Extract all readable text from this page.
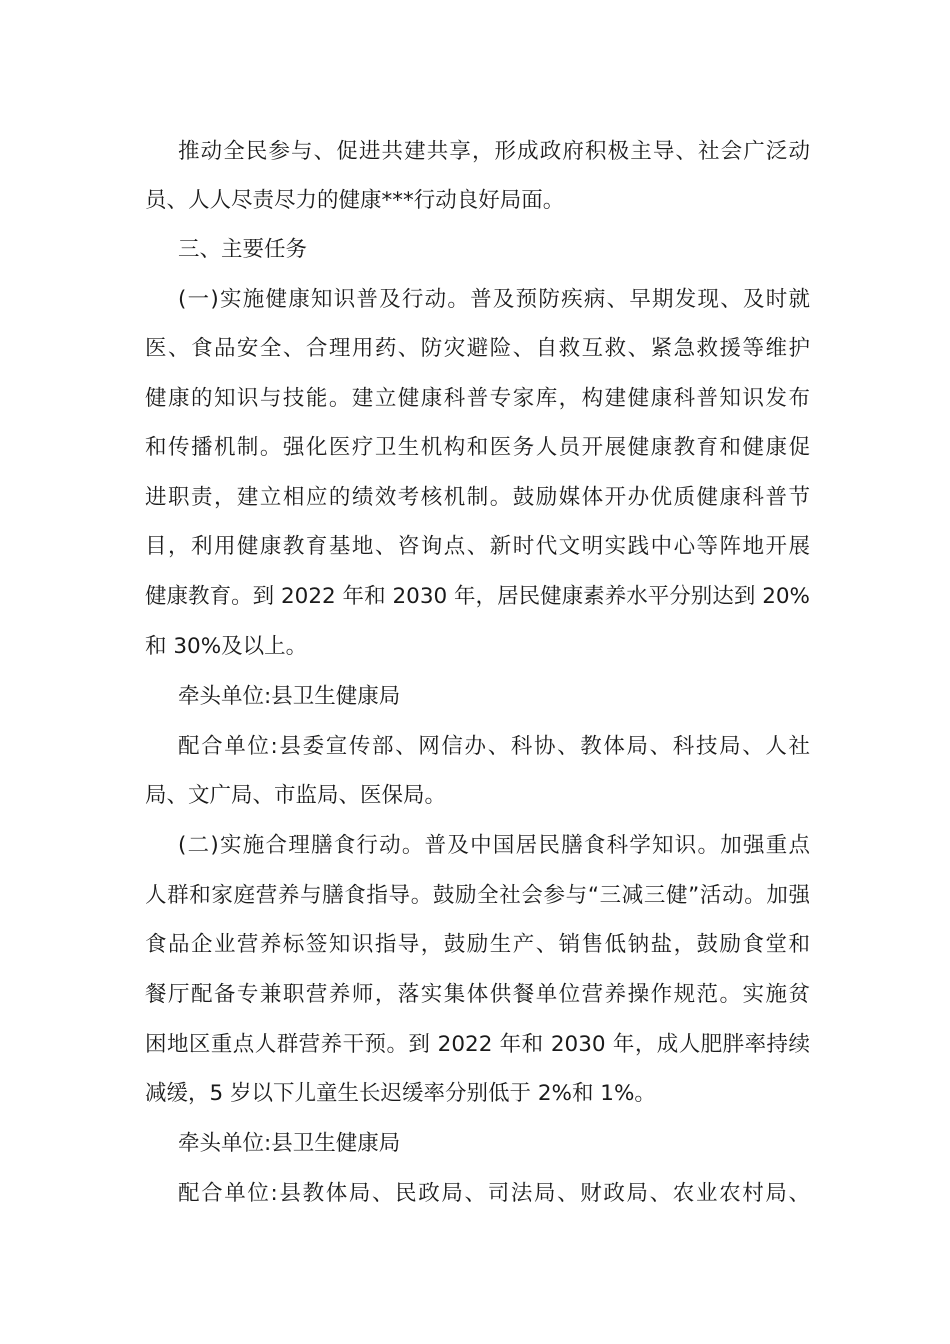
推动全民参与、促进共建共享，形成政府积极主导、社会广泛动
员、人人尽责尽力的健康***行动良好局面。
三、主要任务
(一)实施健康知识普及行动。普及预防疾病、早期发现、及时就
医、食品安全、合理用药、防灾避险、自救互救、紧急救援等维护
健康的知识与技能。建立健康科普专家库，构建健康科普知识发布
和传播机制。强化医疗卫生机构和医务人员开展健康教育和健康促
进职责，建立相应的绩效考核机制。鼓励媒体开办优质健康科普节
目，利用健康教育基地、咨询点、新时代文明实践中心等阵地开展
健康教育。到 2022 年和 2030 年，居民健康素养水平分别达到 20%
和 30%及以上。
牵头单位:县卫生健康局
配合单位:县委宣传部、网信办、科协、教体局、科技局、人社
局、文广局、市监局、医保局。
(二)实施合理膳食行动。普及中国居民膳食科学知识。加强重点
人群和家庭营养与膳食指导。鼓励全社会参与“三减三健”活动。加强
食品企业营养标签知识指导，鼓励生产、销售低钠盐，鼓励食堂和
餐厅配备专兼职营养师，落实集体供餐单位营养操作规范。实施贫
困地区重点人群营养干预。到 2022 年和 2030 年，成人肥胖率持续
减缓，5 岁以下儿童生长迟缓率分别低于 2%和 1%。
牵头单位:县卫生健康局
配合单位:县教体局、民政局、司法局、财政局、农业农村局、
